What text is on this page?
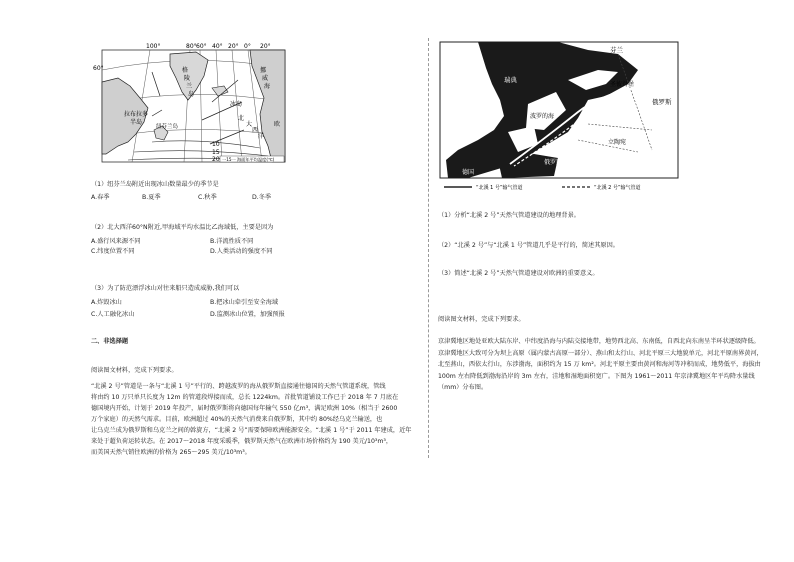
100°	80° 60° 40° 20° 0° 20°
60°
10
15
20
格
陵
兰
岛
拉布拉多
半岛
纽芬兰岛
挪
威
海
冰岛
北
大
西
洋
欧
一15一 海面年平均温度(℃)
（1）纽芬兰岛附近出现冰山数量最少的季节是
A.春季	B.夏季	C.秋季	D.冬季
（2）北大西洋60°N附近,甲海域平均水温比乙海域低，主要是因为
A.盛行风来源不同	B.洋流性质不同
C.纬度位置不同	D.人类活动的强度不同
（3）为了防范漂浮冰山对往来船只造成威胁,我们可以
A.炸毁冰山	B.把冰山牵引至安全海域
C.人工融化冰山	D.监测冰山位置，加强预报
二、非选择题
阅读图文材料，完成下列要求。
“北溪 2 号”管道是一条与“北溪 1 号”平行的、跨越波罗的海从俄罗斯直接通往德国的天然气管道系统，管线
将由约 10 万只单只长度为 12m 的管道段焊接而成，总长 1224km。首批管道铺设工作已于 2018 年 7 月底在
德国境内开始，计划于 2019 年投产，届时俄罗斯将向德国每年输气 550 亿m³，满足欧洲 10%（相当于 2600
万个家庭）的天然气需求。目前，欧洲超过 40%的天然气消费来自俄罗斯，其中约 80%经乌克兰输送，也
让乌克兰成为俄罗斯和乌克兰之间的斡旋方，“北溪 2 号”需要保障欧洲能源安全。“北溪 1 号”于 2011 年建成，近年
来处于超负荷运转状态。在 2017～2018 年度采暖季，俄罗斯天然气在欧洲市场价格约为 190 美元/10³m³，
而美国天然气销往欧洲的价格为 265～295 美元/10³m³。
芬兰
瑞典
圣彼得堡
俄罗斯
波罗的海
立陶宛
俄罗斯
德国
“北溪 1 号”输气管道	“北溪 2 号”输气管道
（1）分析“北溪 2 号”天然气管道建设的地理背景。
（2）“北溪 2 号”与“北溪 1 号”管道几乎是平行的，简述其原因。
（3）简述“北溪 2 号”天然气管道建设对欧洲的重要意义。
阅读图文材料，完成下列要求。
京津冀地区地处亚欧大陆东岸、中纬度沿海与内陆交接地带，地势西北高、东南低，自西北向东南呈半环状逐级降低。京津冀地区大致可分为坝上高原（属内蒙古高原一部分）、燕山和太行山、河北平原三大地貌单元，河北平原南界黄河，北至燕山，西依太行山，东涉渤海，面积约为 15 万 km²。河北平原主要由黄河和海河等冲积而成，地势低平，海拔由 100m 左右降低到渤海沿岸的 3m 左右，洼地和湿地面积宽广。下图为 1961～2011 年京津冀地区年平均降水量线（mm）分布图。
